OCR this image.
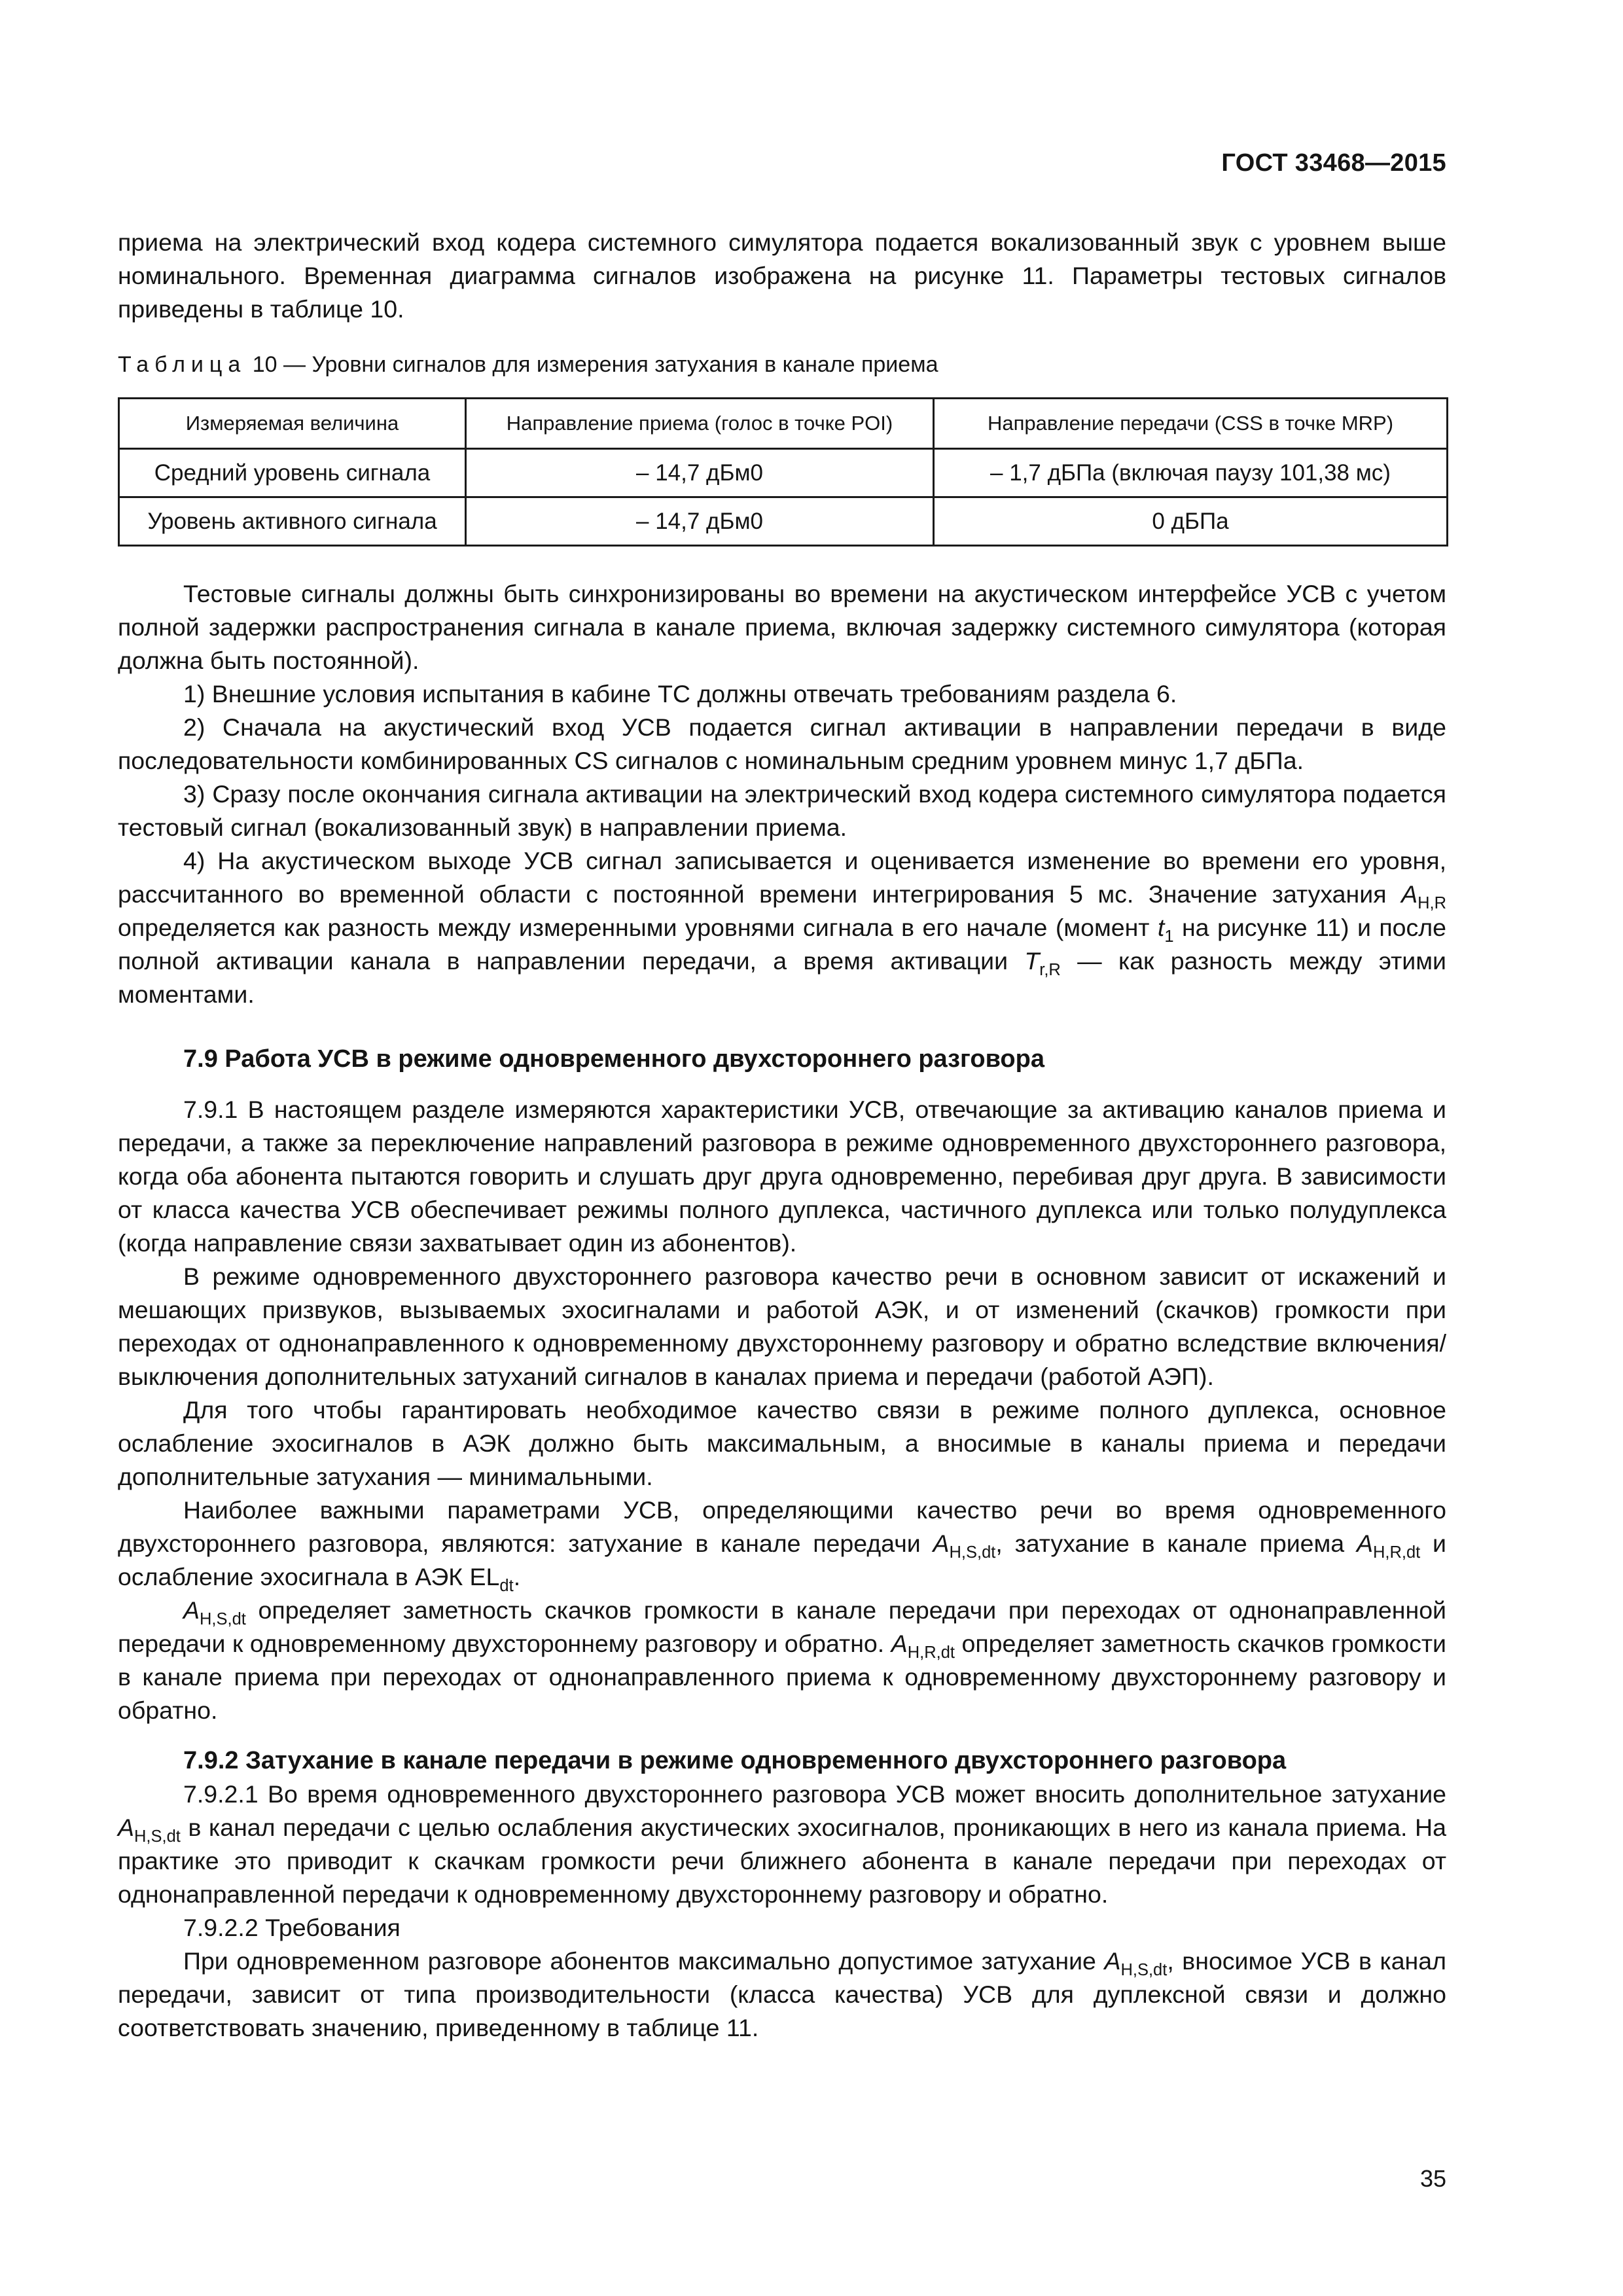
ГОСТ 33468—2015

приема на электрический вход кодера системного симулятора подается вокализованный звук с уровнем выше номинального. Временная диаграмма сигналов изображена на рисунке 11. Параметры тестовых сигналов приведены в таблице 10.

Таблица 10 — Уровни сигналов для измерения затухания в канале приема
Измеряемая величина	Направление приема (голос в точке POI)	Направление передачи (CSS в точке MRP)
Средний уровень сигнала	– 14,7 дБм0	– 1,7 дБПа (включая паузу 101,38 мс)
Уровень активного сигнала	– 14,7 дБм0	0 дБПа

Тестовые сигналы должны быть синхронизированы во времени на акустическом интерфейсе УСВ с учетом полной задержки распространения сигнала в канале приема, включая задержку системного симулятора (которая должна быть постоянной).

1) Внешние условия испытания в кабине ТС должны отвечать требованиям раздела 6.

2) Сначала на акустический вход УСВ подается сигнал активации в направлении передачи в виде последовательности комбинированных CS сигналов с номинальным средним уровнем минус 1,7 дБПа.

3) Сразу после окончания сигнала активации на электрический вход кодера системного симулятора подается тестовый сигнал (вокализованный звук) в направлении приема.

4) На акустическом выходе УСВ сигнал записывается и оценивается изменение во времени его уровня, рассчитанного во временной области с постоянной времени интегрирования 5 мс. Значение затухания $A_{H,R}$ определяется как разность между измеренными уровнями сигнала в его начале (момент $t_1$ на рисунке 11) и после полной активации канала в направлении передачи, а время активации $T_{r,R}$ — как разность между этими моментами.

7.9 Работа УСВ в режиме одновременного двухстороннего разговора

7.9.1 В настоящем разделе измеряются характеристики УСВ, отвечающие за активацию каналов приема и передачи, а также за переключение направлений разговора в режиме одновременного двухстороннего разговора, когда оба абонента пытаются говорить и слушать друг друга одновременно, перебивая друг друга. В зависимости от класса качества УСВ обеспечивает режимы полного дуплекса, частичного дуплекса или только полудуплекса (когда направление связи захватывает один из абонентов).

В режиме одновременного двухстороннего разговора качество речи в основном зависит от искажений и мешающих призвуков, вызываемых эхосигналами и работой АЭК, и от изменений (скачков) громкости при переходах от однонаправленного к одновременному двухстороннему разговору и обратно вследствие включения/выключения дополнительных затуханий сигналов в каналах приема и передачи (работой АЭП).

Для того чтобы гарантировать необходимое качество связи в режиме полного дуплекса, основное ослабление эхосигналов в АЭК должно быть максимальным, а вносимые в каналы приема и передачи дополнительные затухания — минимальными.

Наиболее важными параметрами УСВ, определяющими качество речи во время одновременного двухстороннего разговора, являются: затухание в канале передачи $A_{H,S,dt}$, затухание в канале приема $A_{H,R,dt}$ и ослабление эхосигнала в АЭК $EL_{dt}$.

$A_{H,S,dt}$ определяет заметность скачков громкости в канале передачи при переходах от однонаправленной передачи к одновременному двухстороннему разговору и обратно. $A_{H,R,dt}$ определяет заметность скачков громкости в канале приема при переходах от однонаправленного приема к одновременному двухстороннему разговору и обратно.

7.9.2 Затухание в канале передачи в режиме одновременного двухстороннего разговора

7.9.2.1 Во время одновременного двухстороннего разговора УСВ может вносить дополнительное затухание $A_{H,S,dt}$ в канал передачи с целью ослабления акустических эхосигналов, проникающих в него из канала приема. На практике это приводит к скачкам громкости речи ближнего абонента в канале передачи при переходах от однонаправленной передачи к одновременному двухстороннему разговору и обратно.

7.9.2.2 Требования

При одновременном разговоре абонентов максимально допустимое затухание $A_{H,S,dt}$, вносимое УСВ в канал передачи, зависит от типа производительности (класса качества) УСВ для дуплексной связи и должно соответствовать значению, приведенному в таблице 11.

35
